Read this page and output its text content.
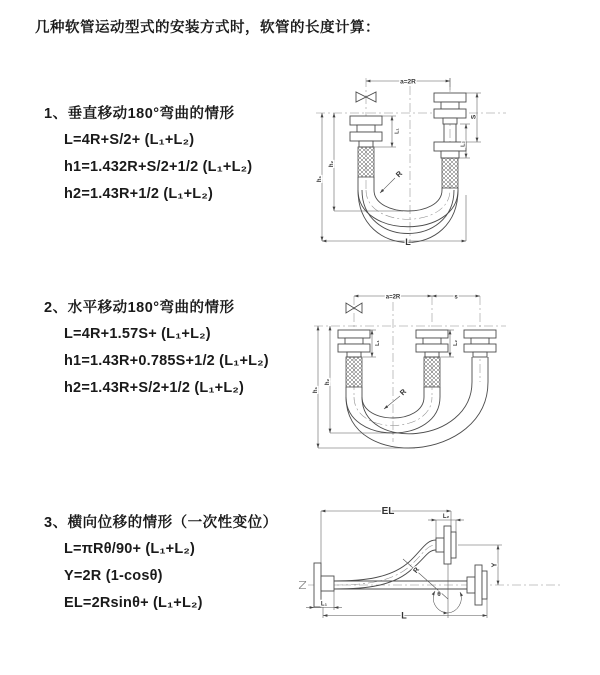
几种软管运动型式的安装方式时，软管的长度计算：
1、垂直移动180°弯曲的情形
L=4R+S/2+ (L₁+L₂)
h1=1.432R+S/2+1/2 (L₁+L₂)
h2=1.43R+1/2 (L₁+L₂)
2、水平移动180°弯曲的情形
L=4R+1.57S+ (L₁+L₂)
h1=1.43R+0.785S+1/2 (L₁+L₂)
h2=1.43R+S/2+1/2 (L₁+L₂)
3、横向位移的情形（一次性变位）
L=πRθ/90+ (L₁+L₂)
Y=2R (1-cosθ)
EL=2Rsinθ+ (L₁+L₂)
a=2R
L₁
S
L₂
h₁
h₂
R
L
a=2R	s
L₁	L₂
h₁
h₂
R
EL	L₂
Y
R
θ
L₁
L
